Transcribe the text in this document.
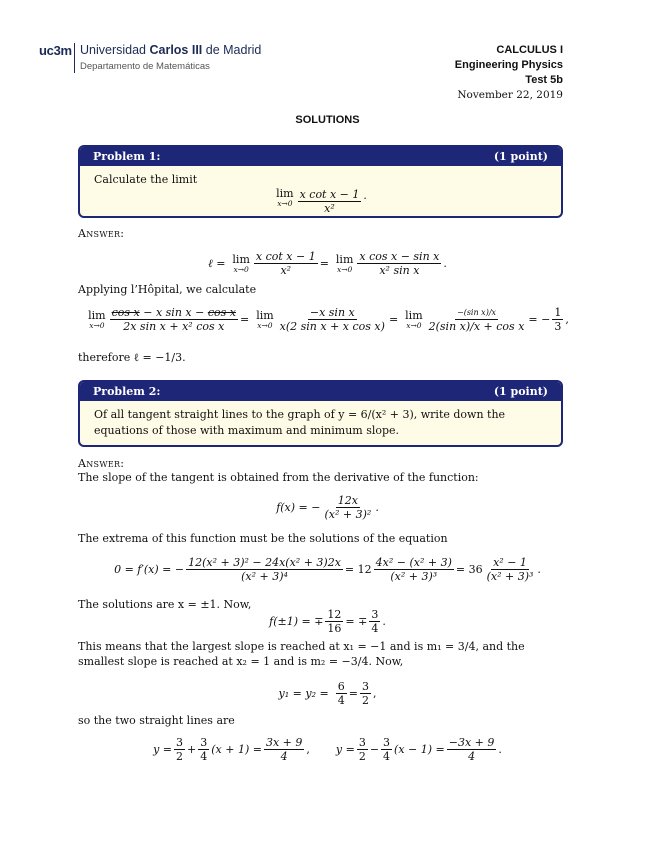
uc3m Universidad Carlos III de Madrid
Departamento de Matemáticas
CALCULUS I
Engineering Physics
Test 5b
November 22, 2019
SOLUTIONS
Problem 1:	(1 point)
Calculate the limit
lim
$x\to 0 \frac{\text{x cot x − 1}}{\text{x²}}$ .
Answer:
ℓ = lim
$x\to 0 \frac{\text{x cot x − 1}}{\text{x²}} = \lim$
$x\to 0 \frac{\text{x cos x − sin x}}{\text{x² sin x}}$ .
Applying l’Hôpital, we calculate
lim
$x\to 0 \frac{\text{cos x − x sin x − cos x}}{\text{2x sin x + x² cos x}} = \lim$
$x\to 0 \frac{\text{−x sin x}}{\text{x(2 sin x + x cos x)}} = \lim$
$x\to 0 \frac{\text{−(sin x)/x}}{\text{2(sin x)/x + cos x}}$ = − $\frac{1}{3}$ ,
therefore ℓ = −1/3.
Problem 2:	(1 point)
Of all tangent straight lines to the graph of y = 6/(x² + 3), write down the equations of those with maximum and minimum slope.
Answer:
The slope of the tangent is obtained from the derivative of the function:
f(x) = − $\frac{12x}{\text{(x² + 3)²}}$ .
The extrema of this function must be the solutions of the equation
0 = f′(x) = − $\frac{\text{12(x² + 3)² − 24x(x² + 3)2x}}{\text{(x² + 3)⁴}} = 12 \frac{\text{4x² − (x² + 3)}}{\text{(x² + 3)³}} = 36 \frac{\text{x² − 1}}{\text{(x² + 3)³}}$ .
The solutions are x = ±1. Now,
f(±1) = ∓ $\frac{12}{16}$ = ∓ $\frac{3}{4}$ .
This means that the largest slope is reached at x₁ = −1 and is m₁ = 3/4, and the smallest slope is reached at x₂ = 1 and is m₂ = −3/4. Now,
$y_1 = y_2 = \frac{6}{4} = \frac{3}{2}$ ,
so the two straight lines are
$y = \frac{3}{2} + \frac{3}{4} (x + 1) = \frac{3x + 9}{4}$ , $y = \frac{3}{2} - \frac{3}{4} (x - 1) = \frac{-3x + 9}{4}$ .
